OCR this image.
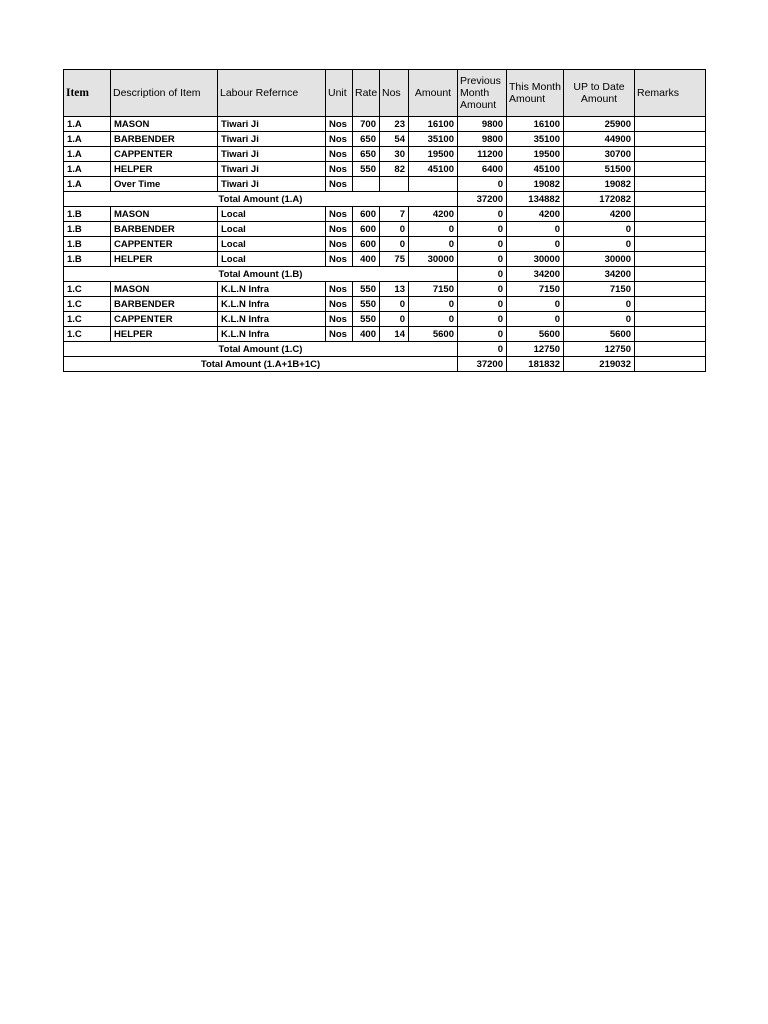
Item	Description of Item	Labour Refernce	Unit	Rate	Nos	Amount	Previous Month Amount	This Month Amount	UP to Date Amount	Remarks
1.A	MASON	Tiwari Ji	Nos	700	23	16100	9800	16100	25900	
1.A	BARBENDER	Tiwari Ji	Nos	650	54	35100	9800	35100	44900	
1.A	CAPPENTER	Tiwari Ji	Nos	650	30	19500	11200	19500	30700	
1.A	HELPER	Tiwari Ji	Nos	550	82	45100	6400	45100	51500	
1.A	Over Time	Tiwari Ji	Nos				0	19082	19082	
Total Amount (1.A)							37200	134882	172082	
1.B	MASON	Local	Nos	600	7	4200	0	4200	4200	
1.B	BARBENDER	Local	Nos	600	0	0	0	0	0	
1.B	CAPPENTER	Local	Nos	600	0	0	0	0	0	
1.B	HELPER	Local	Nos	400	75	30000	0	30000	30000	
Total Amount (1.B)							0	34200	34200	
1.C	MASON	K.L.N Infra	Nos	550	13	7150	0	7150	7150	
1.C	BARBENDER	K.L.N Infra	Nos	550	0	0	0	0	0	
1.C	CAPPENTER	K.L.N Infra	Nos	550	0	0	0	0	0	
1.C	HELPER	K.L.N Infra	Nos	400	14	5600	0	5600	5600	
Total Amount (1.C)							0	12750	12750	
Total Amount (1.A+1B+1C)							37200	181832	219032	
